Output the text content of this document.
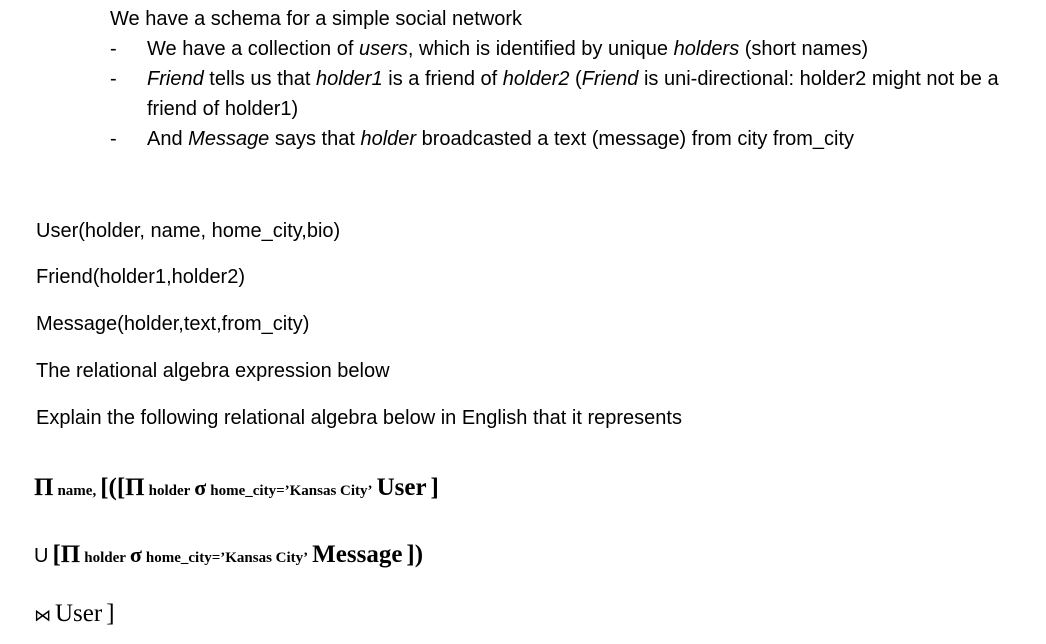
We have a schema for a simple social network
-	We have a collection of users, which is identified by unique holders (short names)
-	Friend tells us that holder1 is a friend of holder2 (Friend is uni-directional: holder2 might not be a friend of holder1)
-	And Message says that holder broadcasted a text (message) from city from_city
User(holder, name, home_city,bio)
Friend(holder1,holder2)
Message(holder,text,from_city)
The relational algebra expression below
Explain the following relational algebra below in English that it represents
Π name, [([Π holder σ home_city=’Kansas City’ User ]
U [Π holder σ home_city=’Kansas City’ Message ])
⋈ User ]
